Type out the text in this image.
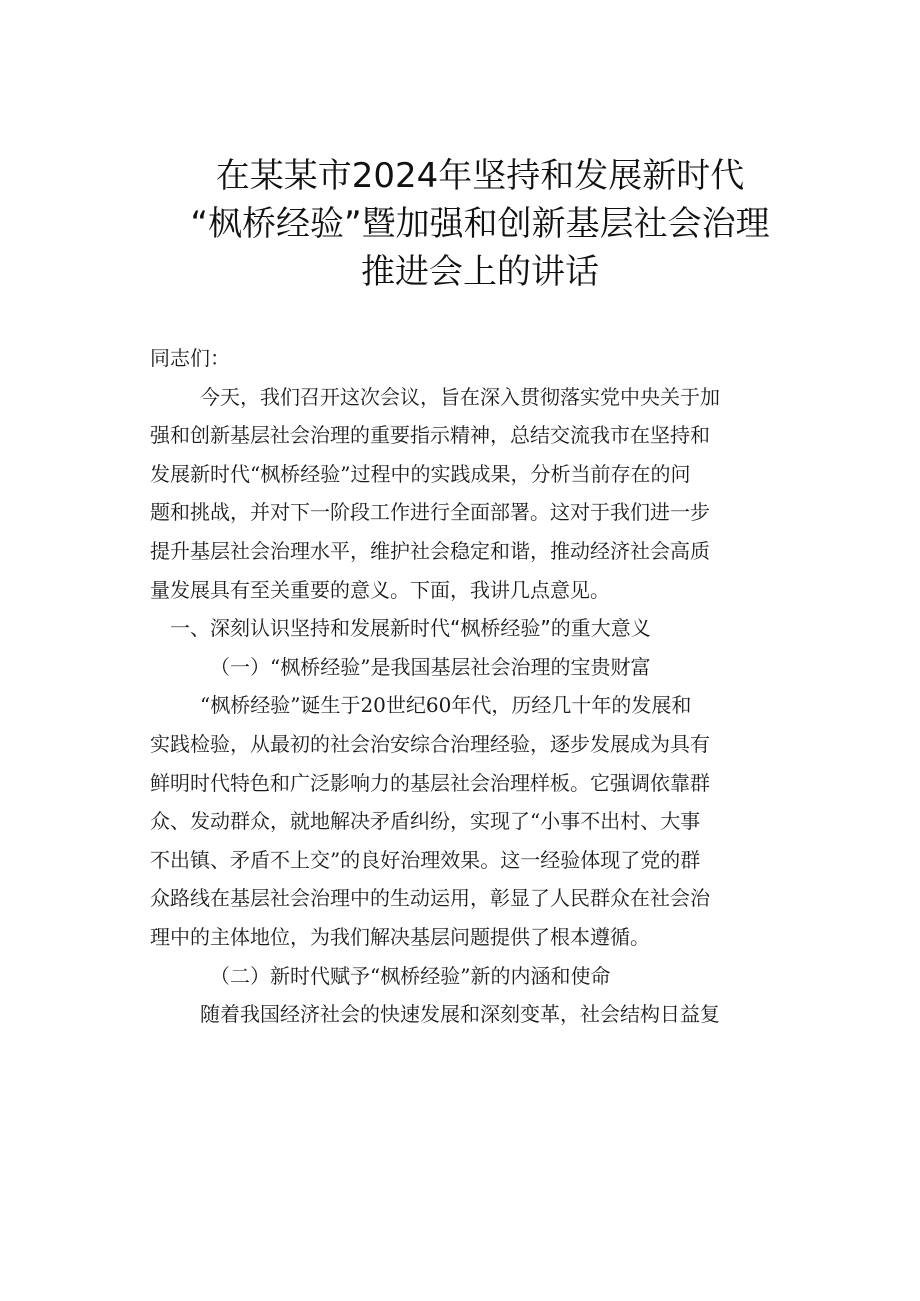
在某某市2024年坚持和发展新时代
“枫桥经验”暨加强和创新基层社会治理
推进会上的讲话
同志们：
今天，我们召开这次会议，旨在深入贯彻落实党中央关于加
强和创新基层社会治理的重要指示精神，总结交流我市在坚持和
发展新时代“枫桥经验”过程中的实践成果，分析当前存在的问
题和挑战，并对下一阶段工作进行全面部署。这对于我们进一步
提升基层社会治理水平，维护社会稳定和谐，推动经济社会高质
量发展具有至关重要的意义。下面，我讲几点意见。
一、深刻认识坚持和发展新时代“枫桥经验”的重大意义
（一）“枫桥经验”是我国基层社会治理的宝贵财富
“枫桥经验”诞生于20世纪60年代，历经几十年的发展和
实践检验，从最初的社会治安综合治理经验，逐步发展成为具有
鲜明时代特色和广泛影响力的基层社会治理样板。它强调依靠群
众、发动群众，就地解决矛盾纠纷，实现了“小事不出村、大事
不出镇、矛盾不上交”的良好治理效果。这一经验体现了党的群
众路线在基层社会治理中的生动运用，彰显了人民群众在社会治
理中的主体地位，为我们解决基层问题提供了根本遵循。
（二）新时代赋予“枫桥经验”新的内涵和使命
随着我国经济社会的快速发展和深刻变革，社会结构日益复
